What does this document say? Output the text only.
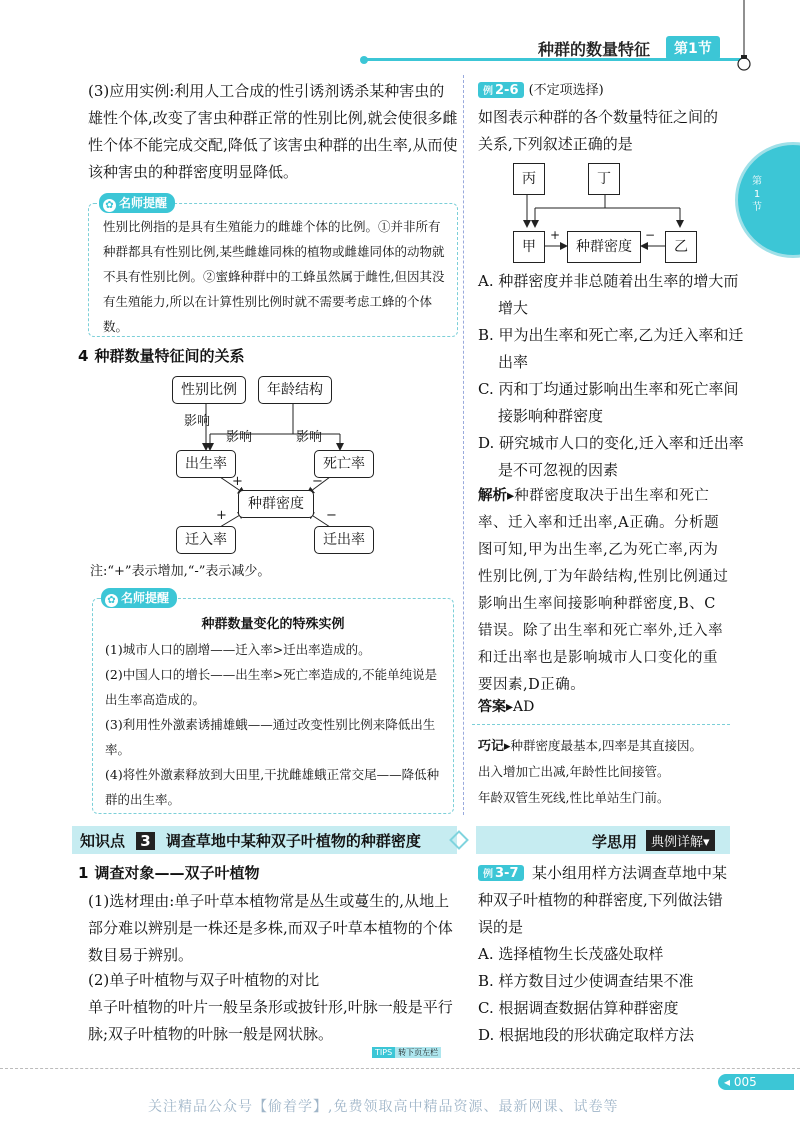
种群的数量特征	第1节
第
1
节

(3)应用实例:利用人工合成的性引诱剂诱杀某种害虫的雄性个体,改变了害虫种群正常的性别比例,就会使很多雌性个体不能完成交配,降低了该害虫种群的出生率,从而使该种害虫的种群密度明显降低。

✿ 名师提醒

性别比例指的是具有生殖能力的雌雄个体的比例。①并非所有种群都具有性别比例,某些雌雄同株的植物或雌雄同体的动物就不具有性别比例。②蜜蜂种群中的工蜂虽然属于雌性,但因其没有生殖能力,所以在计算性别比例时就不需要考虑工蜂的个体数。

4 种群数量特征间的关系
性别比例	年龄结构
影响
影响	影响
出生率	死亡率
+	−
种群密度
+	−
迁入率	迁出率
注:“+”表示增加,“-”表示减少。
✿ 名师提醒
种群数量变化的特殊实例

(1)城市人口的剧增——迁入率>迁出率造成的。

(2)中国人口的增长——出生率>死亡率造成的,不能单纯说是出生率高造成的。

(3)利用性外激素诱捕雄蛾——通过改变性别比例来降低出生率。

(4)将性外激素释放到大田里,干扰雌雄蛾正常交尾——降低种群的出生率。

例 2-6 (不定项选择)

如图表示种群的各个数量特征之间的关系,下列叙述正确的是

丙	丁
甲	种群密度	乙
+	−

A. 种群密度并非总随着出生率的增大而增大

B. 甲为出生率和死亡率,乙为迁入率和迁出率

C. 丙和丁均通过影响出生率和死亡率间接影响种群密度

D. 研究城市人口的变化,迁入率和迁出率是不可忽视的因素

解析▸种群密度取决于出生率和死亡率、迁入率和迁出率,A正确。分析题图可知,甲为出生率,乙为死亡率,丙为性别比例,丁为年龄结构,性别比例通过影响出生率间接影响种群密度,B、C错误。除了出生率和死亡率外,迁入率和迁出率也是影响城市人口变化的重要因素,D正确。
答案▸AD
巧记▸种群密度最基本,四率是其直接因。
出入增加亡出减,年龄性比间接管。
年龄双管生死线,性比单站生门前。
知识点 3 调查草地中某种双子叶植物的种群密度	学思用	典例详解▾
1 调查对象——双子叶植物

(1)选材理由:单子叶草本植物常是丛生或蔓生的,从地上部分难以辨别是一株还是多株,而双子叶草本植物的个体数目易于辨别。

(2)单子叶植物与双子叶植物的对比

单子叶植物的叶片一般呈条形或披针形,叶脉一般是平行脉;双子叶植物的叶脉一般是网状脉。

TIPS 转下页左栏
例 3-7 某小组用样方法调查草地中某种双子叶植物的种群密度,下列做法错误的是

A. 选择植物生长茂盛处取样

B. 样方数目过少使调查结果不准

C. 根据调查数据估算种群密度

D. 根据地段的形状确定取样方法

◂ 005
关注精品公众号【偷着学】,免费领取高中精品资源、最新网课、试卷等
